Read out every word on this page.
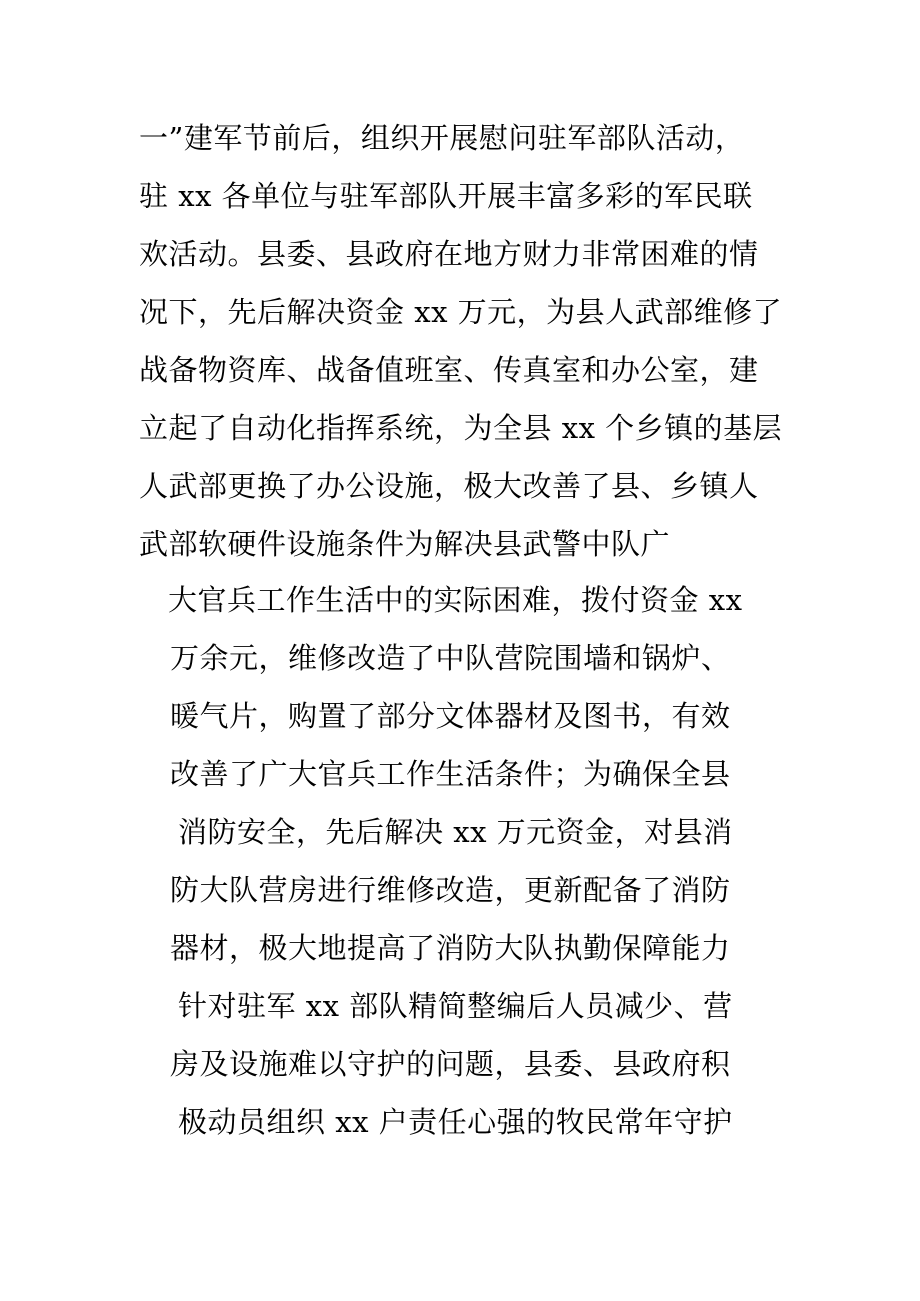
一”建军节前后，组织开展慰问驻军部队活动，
驻 xx 各单位与驻军部队开展丰富多彩的军民联
欢活动。县委、县政府在地方财力非常困难的情
况下，先后解决资金 xx 万元，为县人武部维修了
战备物资库、战备值班室、传真室和办公室，建
立起了自动化指挥系统，为全县 xx 个乡镇的基层
人武部更换了办公设施，极大改善了县、乡镇人
武部软硬件设施条件为解决县武警中队广
大官兵工作生活中的实际困难，拨付资金 xx
万余元，维修改造了中队营院围墙和锅炉、
暖气片，购置了部分文体器材及图书，有效
改善了广大官兵工作生活条件；为确保全县
消防安全，先后解决 xx 万元资金，对县消
防大队营房进行维修改造，更新配备了消防
器材，极大地提高了消防大队执勤保障能力
针对驻军 xx 部队精简整编后人员减少、营
房及设施难以守护的问题，县委、县政府积
极动员组织 xx 户责任心强的牧民常年守护
